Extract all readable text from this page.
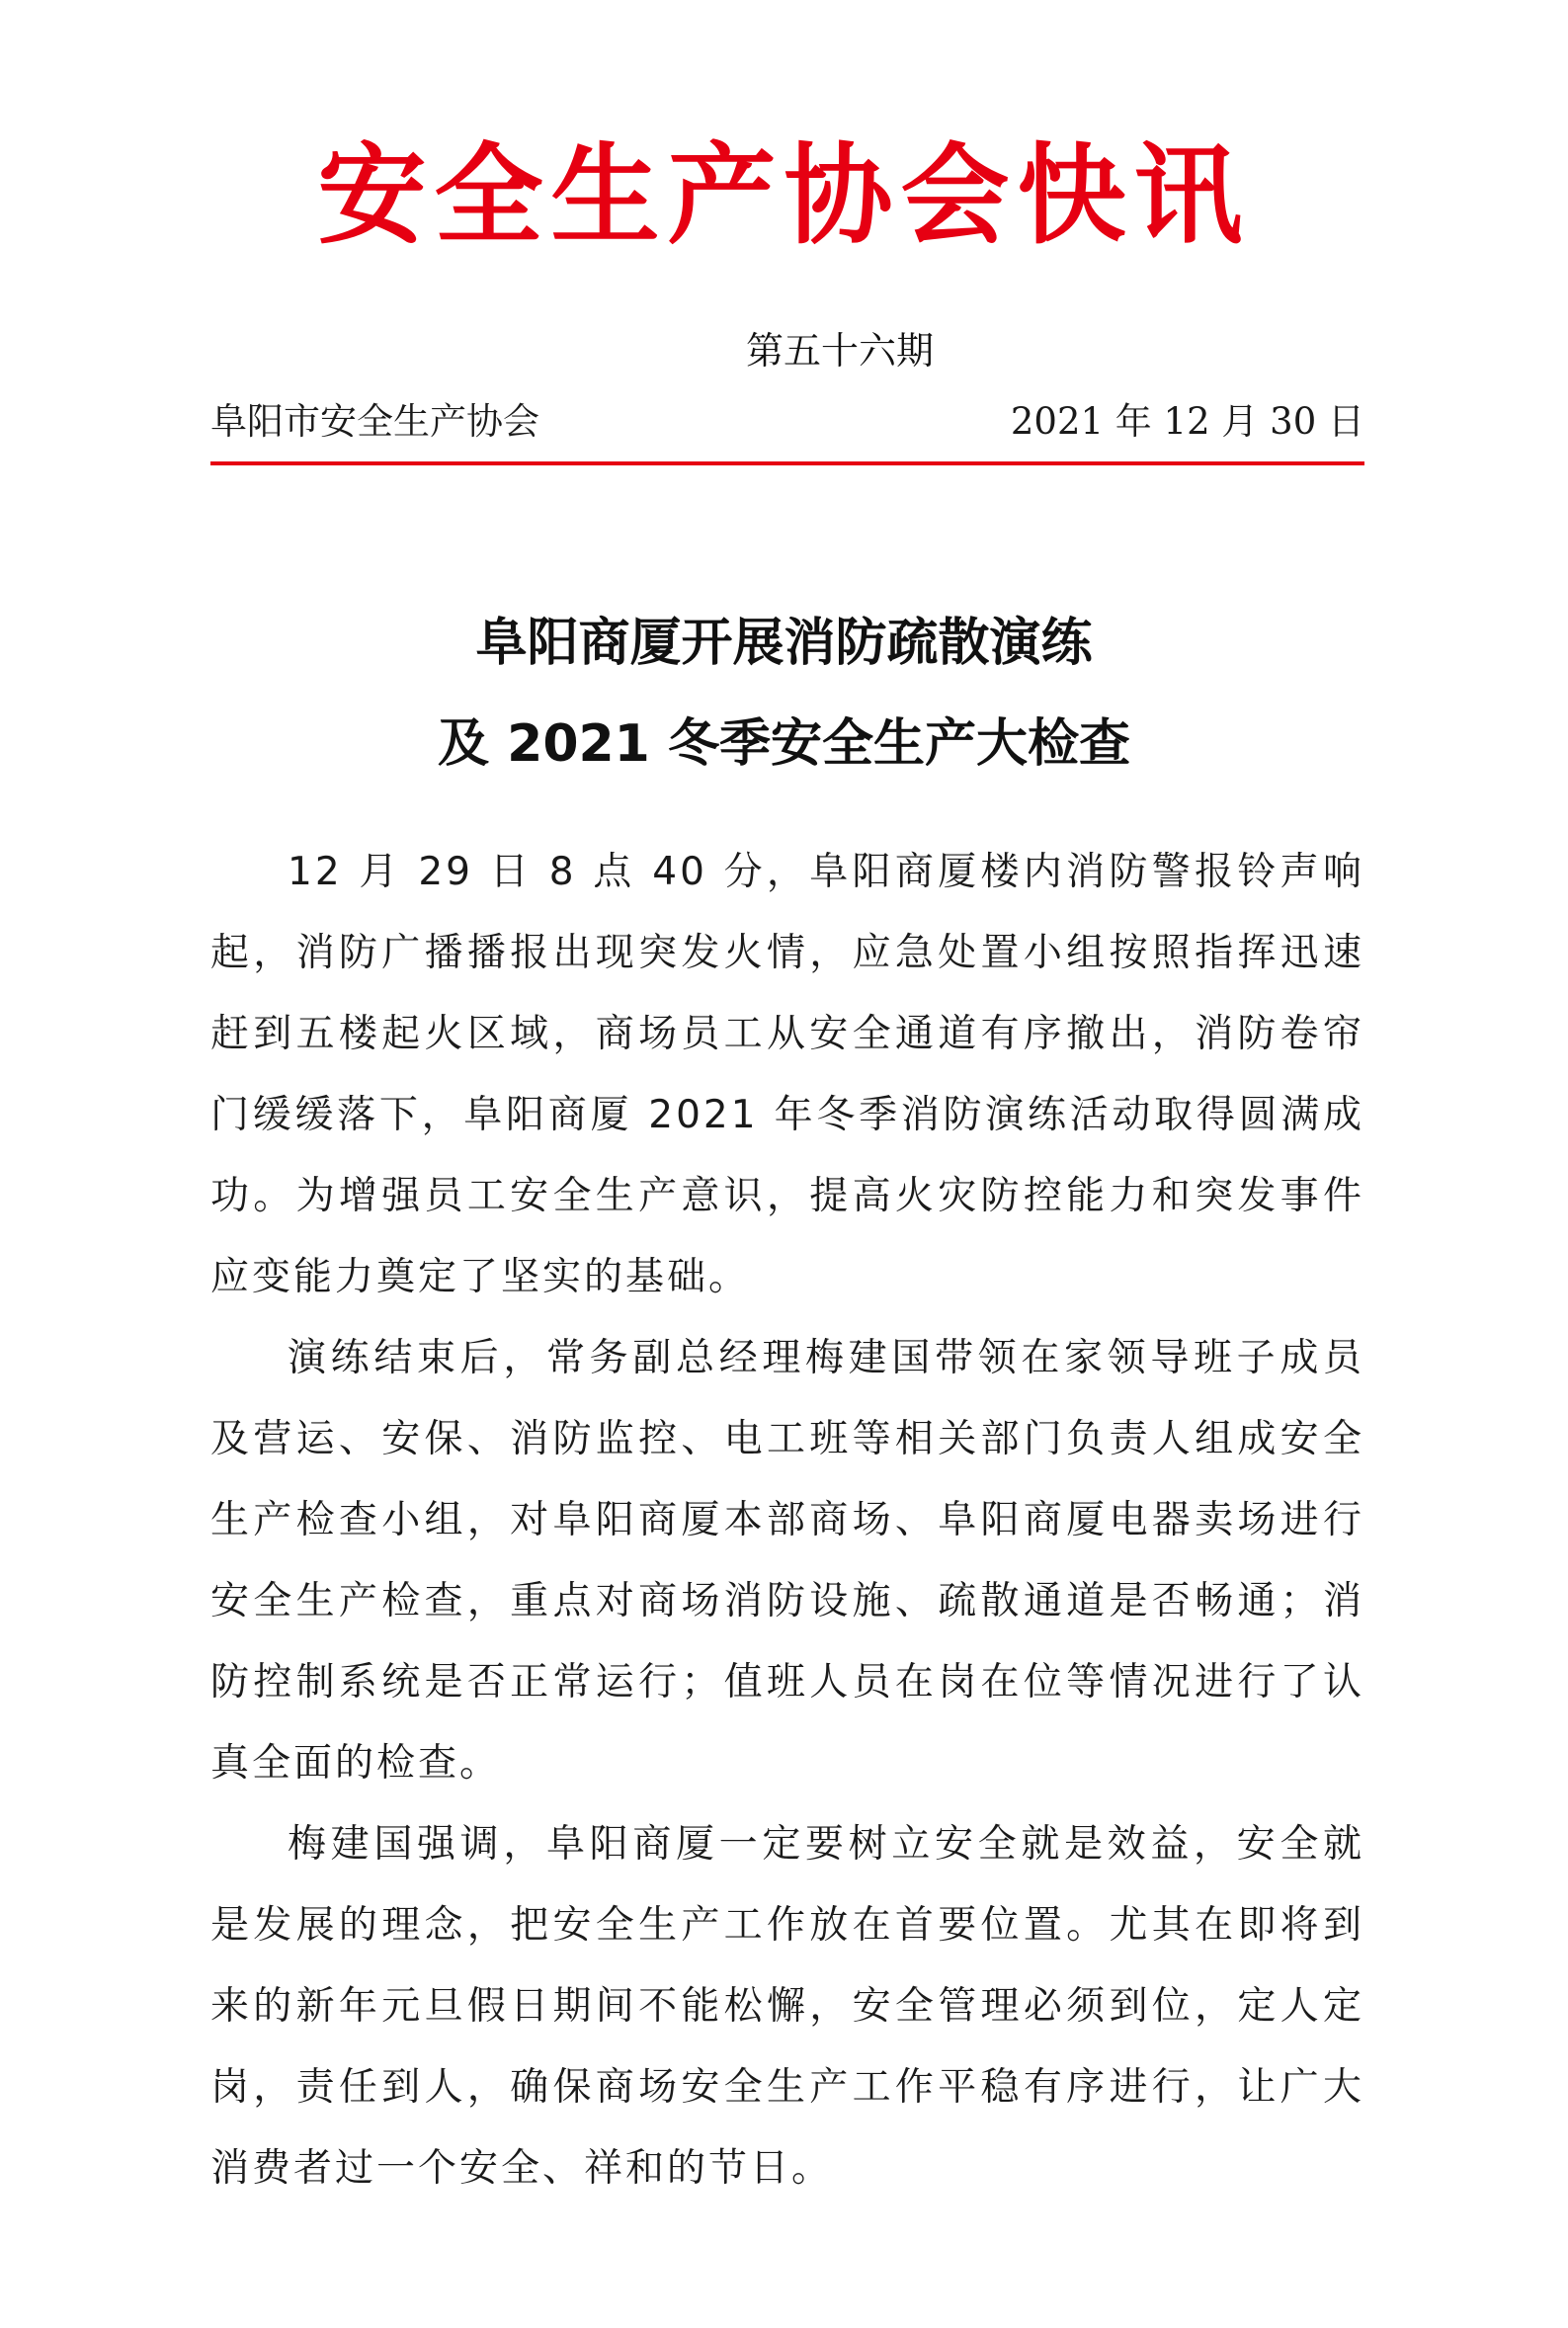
安全生产协会快讯
第五十六期
阜阳市安全生产协会	2021 年 12 月 30 日
阜阳商厦开展消防疏散演练
及 2021 冬季安全生产大检查

12 月 29 日 8 点 40 分，阜阳商厦楼内消防警报铃声响起，消防广播播报出现突发火情，应急处置小组按照指挥迅速赶到五楼起火区域，商场员工从安全通道有序撤出，消防卷帘门缓缓落下，阜阳商厦 2021 年冬季消防演练活动取得圆满成功。为增强员工安全生产意识，提高火灾防控能力和突发事件应变能力奠定了坚实的基础。

演练结束后，常务副总经理梅建国带领在家领导班子成员及营运、安保、消防监控、电工班等相关部门负责人组成安全生产检查小组，对阜阳商厦本部商场、阜阳商厦电器卖场进行安全生产检查，重点对商场消防设施、疏散通道是否畅通；消防控制系统是否正常运行；值班人员在岗在位等情况进行了认真全面的检查。

梅建国强调，阜阳商厦一定要树立安全就是效益，安全就是发展的理念，把安全生产工作放在首要位置。尤其在即将到来的新年元旦假日期间不能松懈，安全管理必须到位，定人定岗，责任到人，确保商场安全生产工作平稳有序进行，让广大消费者过一个安全、祥和的节日。
